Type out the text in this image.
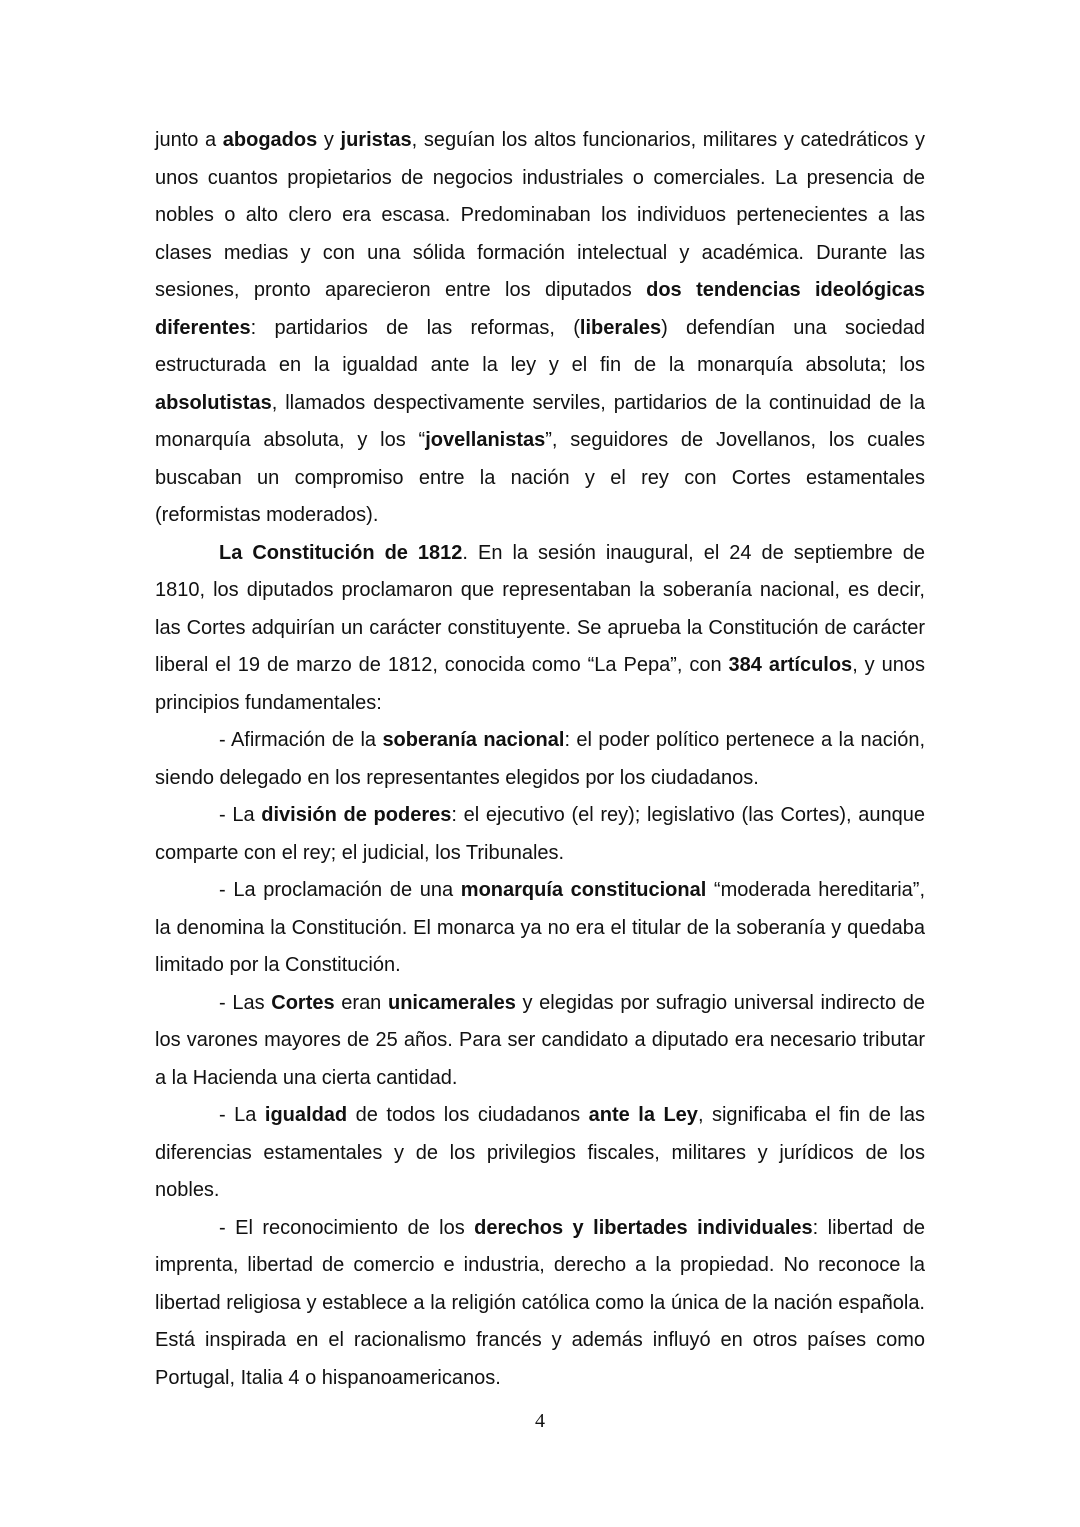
junto a abogados y juristas, seguían los altos funcionarios, militares y catedráticos y unos cuantos propietarios de negocios industriales o comerciales. La presencia de nobles o alto clero era escasa. Predominaban los individuos pertenecientes a las clases medias y con una sólida formación intelectual y académica. Durante las sesiones, pronto aparecieron entre los diputados dos tendencias ideológicas diferentes: partidarios de las reformas, (liberales) defendían una sociedad estructurada en la igualdad ante la ley y el fin de la monarquía absoluta; los absolutistas, llamados despectivamente serviles, partidarios de la continuidad de la monarquía absoluta, y los “jovellanistas”, seguidores de Jovellanos, los cuales buscaban un compromiso entre la nación y el rey con Cortes estamentales (reformistas moderados).

La Constitución de 1812. En la sesión inaugural, el 24 de septiembre de 1810, los diputados proclamaron que representaban la soberanía nacional, es decir, las Cortes adquirían un carácter constituyente. Se aprueba la Constitución de carácter liberal el 19 de marzo de 1812, conocida como “La Pepa”, con 384 artículos, y unos principios fundamentales:

- Afirmación de la soberanía nacional: el poder político pertenece a la nación, siendo delegado en los representantes elegidos por los ciudadanos.

- La división de poderes: el ejecutivo (el rey); legislativo (las Cortes), aunque comparte con el rey; el judicial, los Tribunales.

- La proclamación de una monarquía constitucional “moderada hereditaria”, la denomina la Constitución. El monarca ya no era el titular de la soberanía y quedaba limitado por la Constitución.

- Las Cortes eran unicamerales y elegidas por sufragio universal indirecto de los varones mayores de 25 años. Para ser candidato a diputado era necesario tributar a la Hacienda una cierta cantidad.

- La igualdad de todos los ciudadanos ante la Ley, significaba el fin de las diferencias estamentales y de los privilegios fiscales, militares y jurídicos de los nobles.

- El reconocimiento de los derechos y libertades individuales: libertad de imprenta, libertad de comercio e industria, derecho a la propiedad. No reconoce la libertad religiosa y establece a la religión católica como la única de la nación española. Está inspirada en el racionalismo francés y además influyó en otros países como Portugal, Italia 4 o hispanoamericanos.

4
